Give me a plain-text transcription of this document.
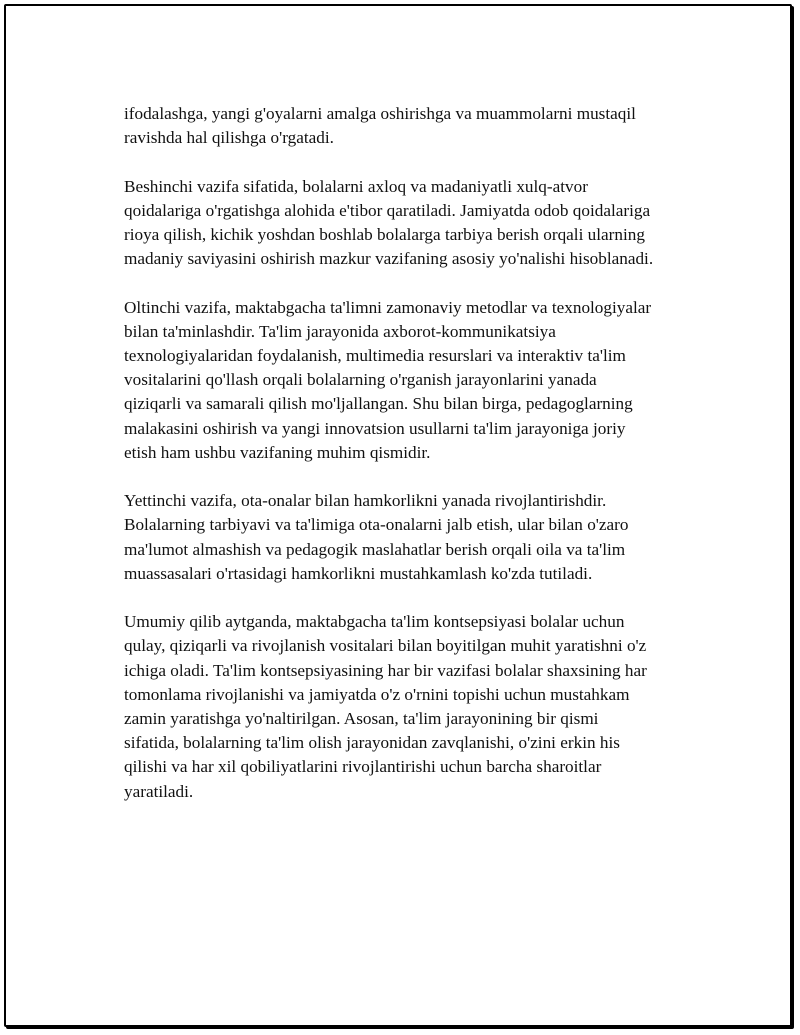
ifodalashga, yangi g'oyalarni amalga oshirishga va muammolarni mustaqil
ravishda hal qilishga o'rgatadi.

Beshinchi vazifa sifatida, bolalarni axloq va madaniyatli xulq-atvor
qoidalariga o'rgatishga alohida e'tibor qaratiladi. Jamiyatda odob qoidalariga
rioya qilish, kichik yoshdan boshlab bolalarga tarbiya berish orqali ularning
madaniy saviyasini oshirish mazkur vazifaning asosiy yo'nalishi hisoblanadi.

Oltinchi vazifa, maktabgacha ta'limni zamonaviy metodlar va texnologiyalar
bilan ta'minlashdir. Ta'lim jarayonida axborot-kommunikatsiya
texnologiyalaridan foydalanish, multimedia resurslari va interaktiv ta'lim
vositalarini qo'llash orqali bolalarning o'rganish jarayonlarini yanada
qiziqarli va samarali qilish mo'ljallangan. Shu bilan birga, pedagoglarning
malakasini oshirish va yangi innovatsion usullarni ta'lim jarayoniga joriy
etish ham ushbu vazifaning muhim qismidir.

Yettinchi vazifa, ota-onalar bilan hamkorlikni yanada rivojlantirishdir.
Bolalarning tarbiyavi va ta'limiga ota-onalarni jalb etish, ular bilan o'zaro
ma'lumot almashish va pedagogik maslahatlar berish orqali oila va ta'lim
muassasalari o'rtasidagi hamkorlikni mustahkamlash ko'zda tutiladi.

Umumiy qilib aytganda, maktabgacha ta'lim kontsepsiyasi bolalar uchun
qulay, qiziqarli va rivojlanish vositalari bilan boyitilgan muhit yaratishni o'z
ichiga oladi. Ta'lim kontsepsiyasining har bir vazifasi bolalar shaxsining har
tomonlama rivojlanishi va jamiyatda o'z o'rnini topishi uchun mustahkam
zamin yaratishga yo'naltirilgan. Asosan, ta'lim jarayonining bir qismi
sifatida, bolalarning ta'lim olish jarayonidan zavqlanishi, o'zini erkin his
qilishi va har xil qobiliyatlarini rivojlantirishi uchun barcha sharoitlar
yaratiladi.
